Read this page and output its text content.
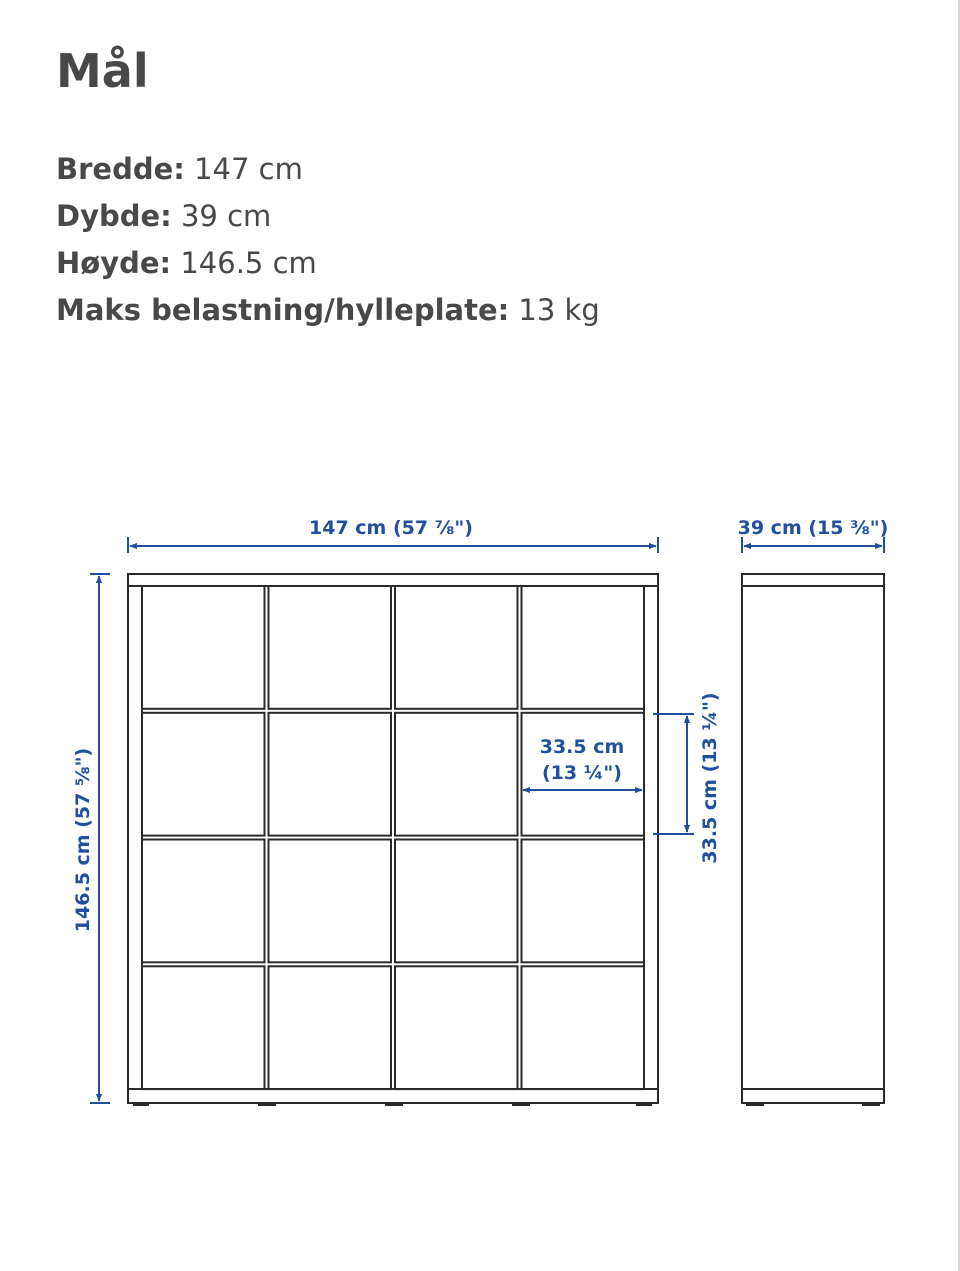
Mål
Bredde: 147 cm
Dybde: 39 cm
Høyde: 146.5 cm
Maks belastning/hylleplate: 13 kg
147 cm (57 ⅞")	39 cm (15 ⅜")
146.5 cm (57 ⅝")
33.5 cm
(13 ¼")	33.5 cm (13 ¼")
